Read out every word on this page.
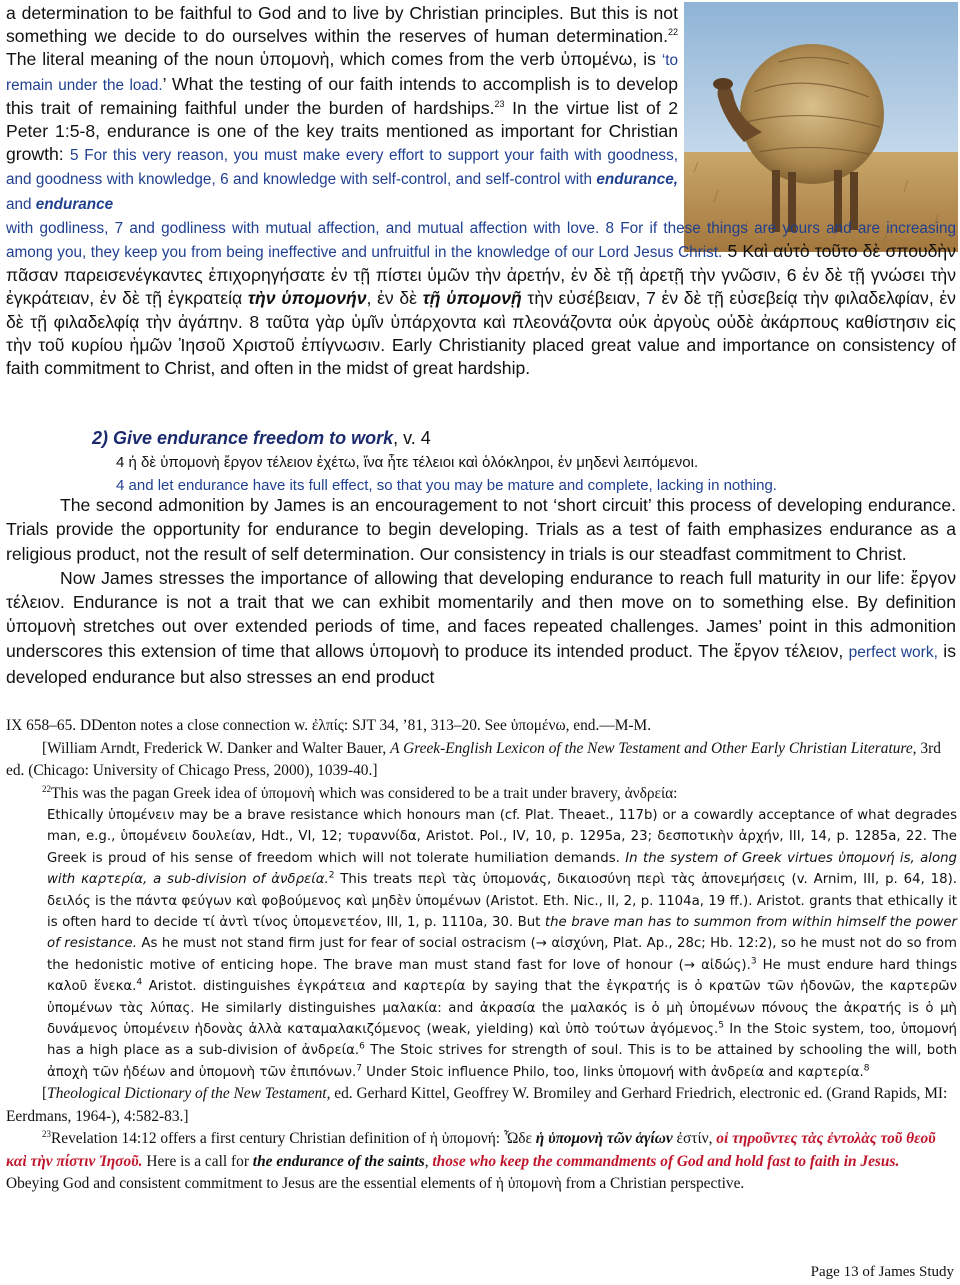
a determination to be faithful to God and to live by Christian principles. But this is not something we decide to do ourselves within the reserves of human determination.$^{22}$ The literal meaning of the noun ὑπομονὴ, which comes from the verb ὑπομένω, is ‘to remain under the load.’ What the testing of our faith intends to accomplish is to develop this trait of remaining faithful under the burden of hardships.$^{23}$ In the virtue list of 2 Peter 1:5-8, endurance is one of the key traits mentioned as important for Christian growth: 5 For this very reason, you must make every effort to support your faith with goodness, and goodness with knowledge, 6 and knowledge with self-control, and self-control with endurance, and endurance
with godliness, 7 and godliness with mutual affection, and mutual affection with love. 8 For if these things are yours and are increasing among you, they keep you from being ineffective and unfruitful in the knowledge of our Lord Jesus Christ. 5 Καὶ αὐτὸ τοῦτο δὲ σπουδὴν πᾶσαν παρεισενέγκαντες ἐπιχορηγήσατε ἐν τῇ πίστει ὑμῶν τὴν ἀρετήν, ἐν δὲ τῇ ἀρετῇ τὴν γνῶσιν, 6 ἐν δὲ τῇ γνώσει τὴν ἐγκράτειαν, ἐν δὲ τῇ ἐγκρατείᾳ τὴν ὑπομονήν, ἐν δὲ τῇ ὑπομονῇ τὴν εὐσέβειαν, 7 ἐν δὲ τῇ εὐσεβείᾳ τὴν φιλαδελφίαν, ἐν δὲ τῇ φιλαδελφίᾳ τὴν ἀγάπην. 8 ταῦτα γὰρ ὑμῖν ὑπάρχοντα καὶ πλεονάζοντα οὐκ ἀργοὺς οὐδὲ ἀκάρπους καθίστησιν εἰς τὴν τοῦ κυρίου ἡμῶν Ἰησοῦ Χριστοῦ ἐπίγνωσιν. Early Christianity placed great value and importance on consistency of faith commitment to Christ, and often in the midst of great hardship.
2) Give endurance freedom to work, v. 4
4 ἡ δὲ ὑπομονὴ ἔργον τέλειον ἐχέτω, ἵνα ἦτε τέλειοι καὶ ὁλόκληροι, ἐν μηδενὶ λειπόμενοι.
4 and let endurance have its full effect, so that you may be mature and complete, lacking in nothing.
The second admonition by James is an encouragement to not ‘short circuit’ this process of developing endurance. Trials provide the opportunity for endurance to begin developing. Trials as a test of faith emphasizes endurance as a religious product, not the result of self determination. Our consistency in trials is our steadfast commitment to Christ.
Now James stresses the importance of allowing that developing endurance to reach full maturity in our life: ἔργον τέλειον. Endurance is not a trait that we can exhibit momentarily and then move on to something else. By definition ὑπομονὴ stretches out over extended periods of time, and faces repeated challenges. James’ point in this admonition underscores this extension of time that allows ὑπομονὴ to produce its intended product. The ἔργον τέλειον, perfect work, is developed endurance but also stresses an end product

IX 658–65. DDenton notes a close connection w. ἐλπίς: SJT 34, ’81, 313–20. See ὑπομένω, end.—M-M.

[William Arndt, Frederick W. Danker and Walter Bauer, A Greek-English Lexicon of the New Testament and Other Early Christian Literature, 3rd ed. (Chicago: University of Chicago Press, 2000), 1039-40.]

$^{22}$This was the pagan Greek idea of ὑπομονὴ which was considered to be a trait under bravery, ἀνδρεία:

Ethically ὑπομένειν may be a brave resistance which honours man (cf. Plat. Theaet., 117b) or a cowardly acceptance of what degrades man, e.g., ὑπομένειν δουλείαν, Hdt., VI, 12; τυραννίδα, Aristot. Pol., IV, 10, p. 1295a, 23; δεσποτικὴν ἀρχήν, III, 14, p. 1285a, 22. The Greek is proud of his sense of freedom which will not tolerate humiliation demands. In the system of Greek virtues ὑπομονή is, along with καρτερία, a sub-division of ἀνδρεία.$^2$ This treats περὶ τὰς ὑπομονάς, δικαιοσύνη περὶ τὰς ἀπονεμήσεις (v. Arnim, III, p. 64, 18). δειλός is the πάντα φεύγων καὶ φοβούμενος καὶ μηδὲν ὑπομένων (Aristot. Eth. Nic., II, 2, p. 1104a, 19 ff.). Aristot. grants that ethically it is often hard to decide τί ἀντὶ τίνος ὑπομενετέον, III, 1, p. 1110a, 30. But the brave man has to summon from within himself the power of resistance. As he must not stand firm just for fear of social ostracism (→ αἰσχύνη, Plat. Ap., 28c; Hb. 12:2), so he must not do so from the hedonistic motive of enticing hope. The brave man must stand fast for love of honour (→ αἰδώς).$^3$ He must endure hard things καλοῦ ἕνεκα.$^4$ Aristot. distinguishes ἐγκράτεια and καρτερία by saying that the ἐγκρατής is ὁ κρατῶν τῶν ἡδονῶν, the καρτερῶν ὑπομένων τὰς λύπας. He similarly distinguishes μαλακία: and ἀκρασία the μαλακός is ὁ μὴ ὑπομένων πόνους the ἀκρατής is ὁ μὴ δυνάμενος ὑπομένειν ἡδονὰς ἀλλὰ καταμαλακιζόμενος (weak, yielding) καὶ ὑπὸ τούτων ἀγόμενος.$^5$ In the Stoic system, too, ὑπομονή has a high place as a sub-division of ἀνδρεία.$^6$ The Stoic strives for strength of soul. This is to be attained by schooling the will, both ἀποχὴ τῶν ἡδέων and ὑπομονὴ τῶν ἐπιπόνων.$^7$ Under Stoic influence Philo, too, links ὑπομονή with ἀνδρεία and καρτερία.$^8$

[Theological Dictionary of the New Testament, ed. Gerhard Kittel, Geoffrey W. Bromiley and Gerhard Friedrich, electronic ed. (Grand Rapids, MI: Eerdmans, 1964-), 4:582-83.]

$^{23}$Revelation 14:12 offers a first century Christian definition of ἡ ὑπομονή: Ὧδε ἡ ὑπομονὴ τῶν ἁγίων ἐστίν, οἱ τηροῦντες τὰς ἐντολὰς τοῦ θεοῦ καὶ τὴν πίστιν Ἰησοῦ. Here is a call for the endurance of the saints, those who keep the commandments of God and hold fast to faith in Jesus. Obeying God and consistent commitment to Jesus are the essential elements of ἡ ὑπομονὴ from a Christian perspective.

Page 13 of James Study
